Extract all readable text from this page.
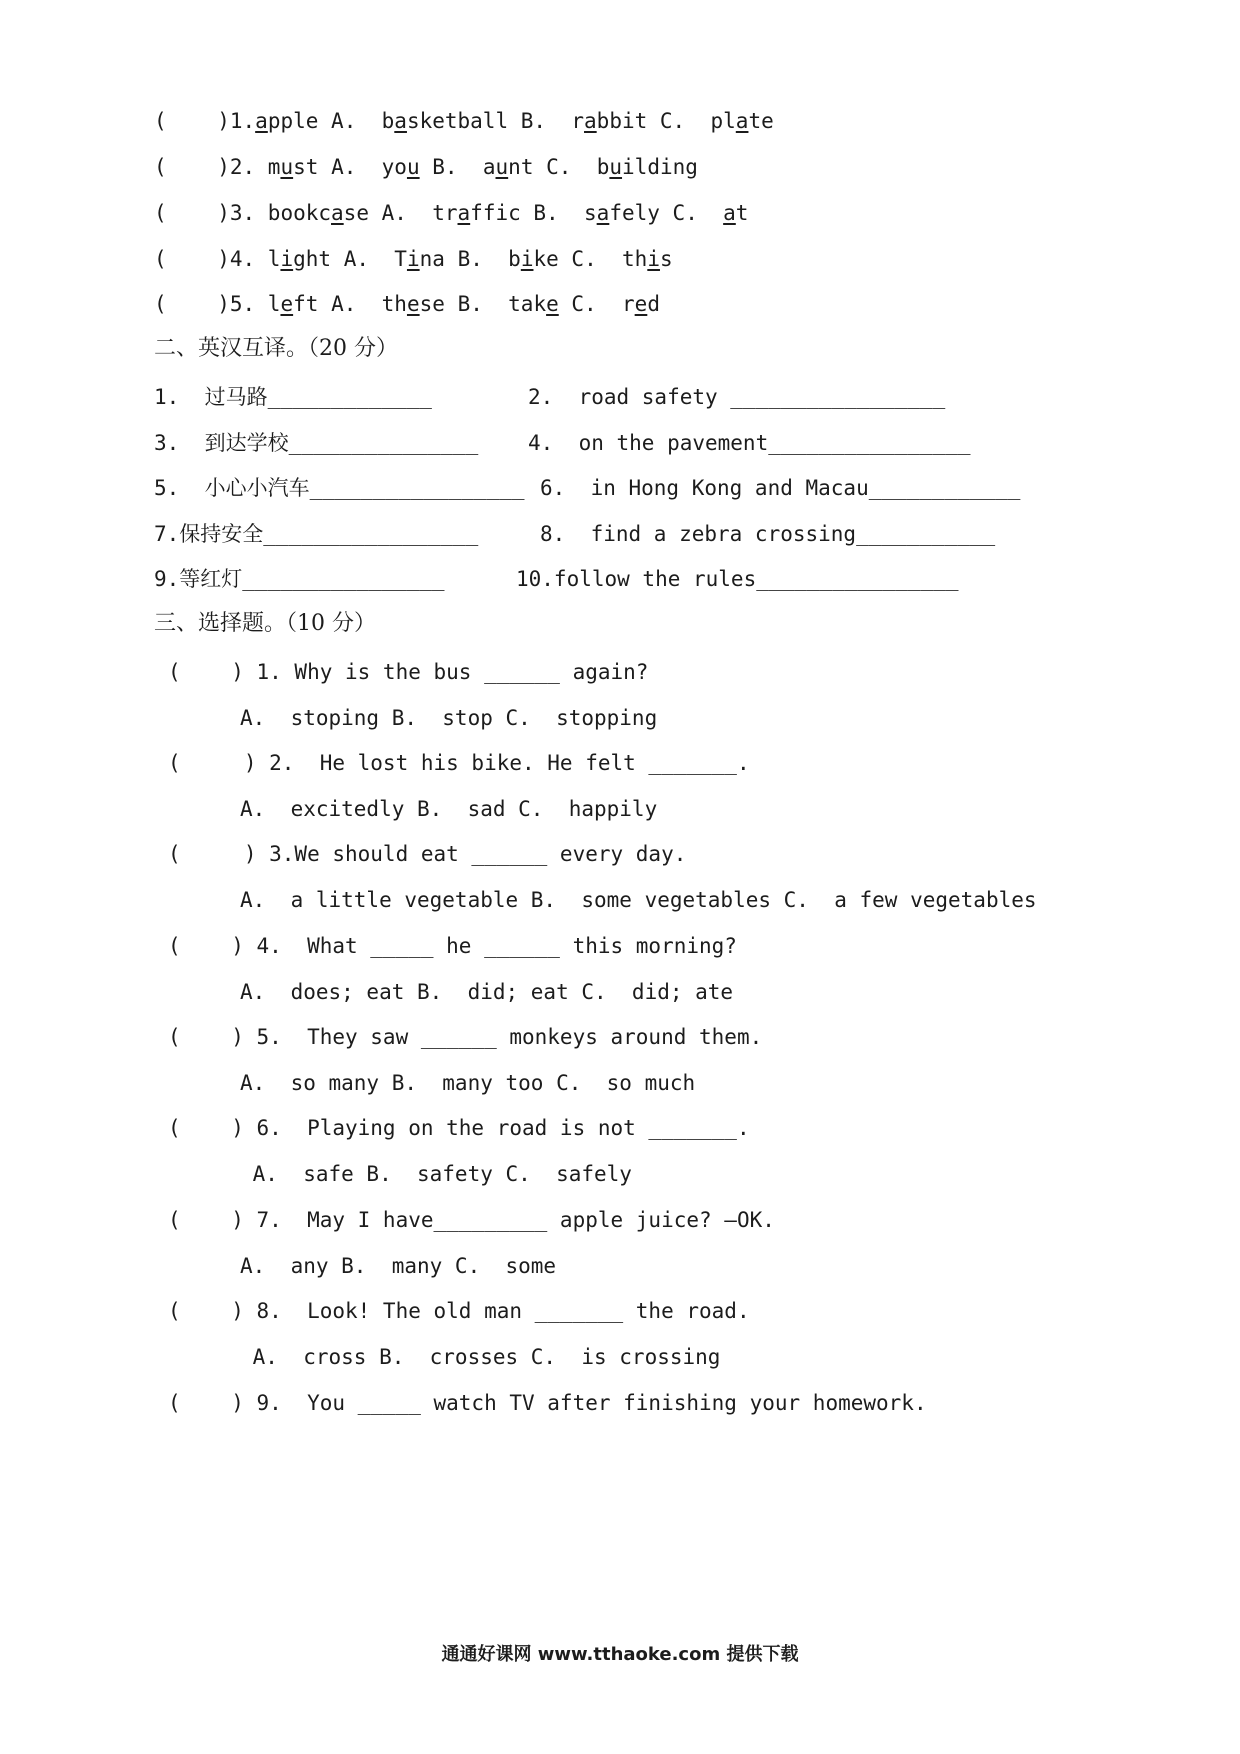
(    )1.apple A. basketball B. rabbit C. plate
(    )2. must A. you B. aunt C. building
(    )3. bookcase A. traffic B. safely C. at
(    )4. light A. Tina B. bike C. this
(    )5. left A. these B. take C. red
二、英汉互译。（20 分）
1.  过马路_____________	2.  road safety _________________
3.  到达学校_______________ 4.  on the pavement________________
5.  小心小汽车_________________ 6.  in Hong Kong and Macau____________
7.保持安全_________________	8.  find a zebra crossing___________
9.等红灯________________	10.follow the rules________________
三、选择题。（10 分）
(    ) 1. Why is the bus ______ again?
A.  stoping B.  stop C.  stopping
(     ) 2.  He lost his bike. He felt _______.
A.  excitedly B.  sad C.  happily
(     ) 3.We should eat ______ every day.
A.  a little vegetable B.  some vegetables C.  a few vegetables
(    ) 4.  What _____ he ______ this morning?
A.  does; eat B.  did; eat C.  did; ate
(    ) 5.  They saw ______ monkeys around them.
A.  so many B.  many too C.  so much
(    ) 6.  Playing on the road is not _______.
A.  safe B.  safety C.  safely
(    ) 7.  May I have_________ apple juice? —OK.
A.  any B.  many C.  some
(    ) 8.  Look! The old man _______ the road.
A.  cross B.  crosses C.  is crossing
(    ) 9.  You _____ watch TV after finishing your homework.
通通好课网 www.tthaoke.com 提供下载
